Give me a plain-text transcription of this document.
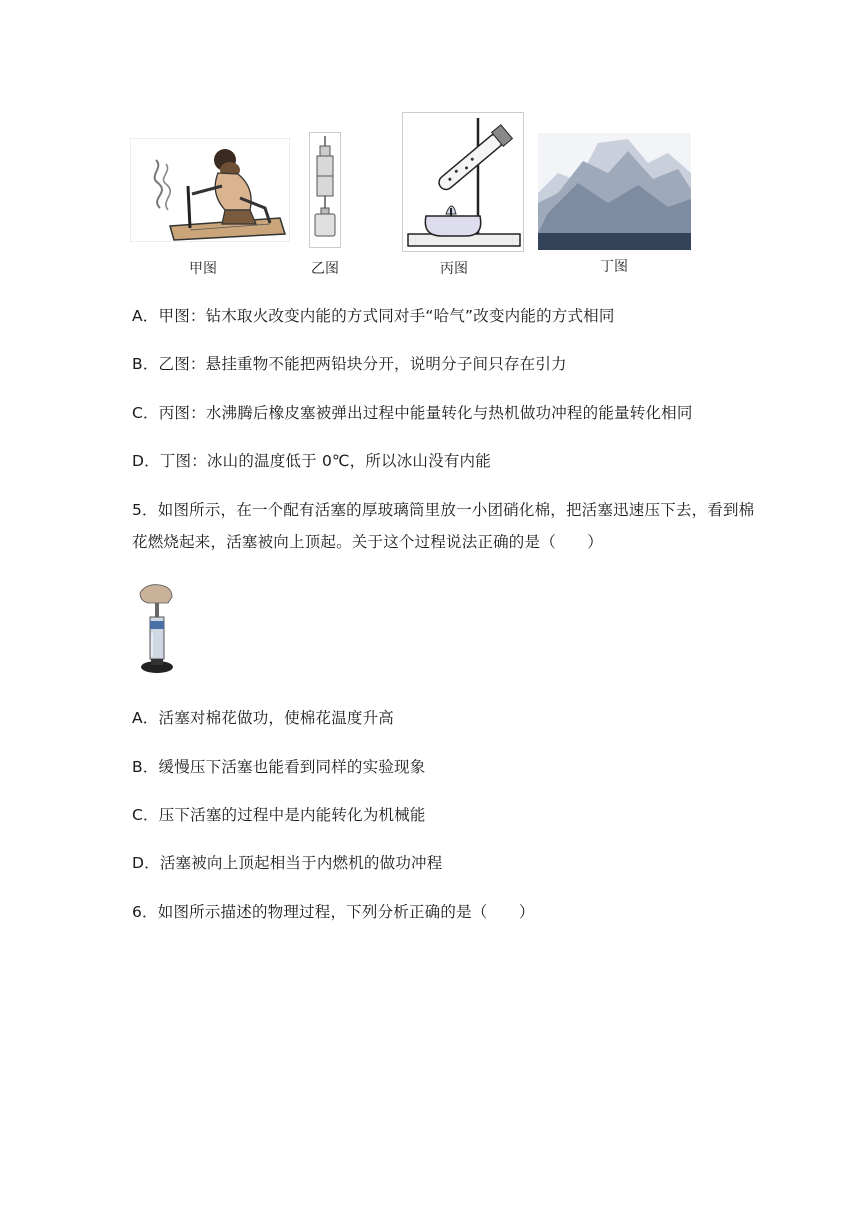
甲图	乙图	丙图	丁图
A．甲图：钻木取火改变内能的方式同对手“哈气”改变内能的方式相同
B．乙图：悬挂重物不能把两铅块分开，说明分子间只存在引力
C．丙图：水沸腾后橡皮塞被弹出过程中能量转化与热机做功冲程的能量转化相同
D．丁图：冰山的温度低于 0℃，所以冰山没有内能
5．如图所示，在一个配有活塞的厚玻璃筒里放一小团硝化棉，把活塞迅速压下去，看到棉
花燃烧起来，活塞被向上顶起。关于这个过程说法正确的是（　　）
A．活塞对棉花做功，使棉花温度升高
B．缓慢压下活塞也能看到同样的实验现象
C．压下活塞的过程中是内能转化为机械能
D．活塞被向上顶起相当于内燃机的做功冲程
6．如图所示描述的物理过程，下列分析正确的是（　　）
